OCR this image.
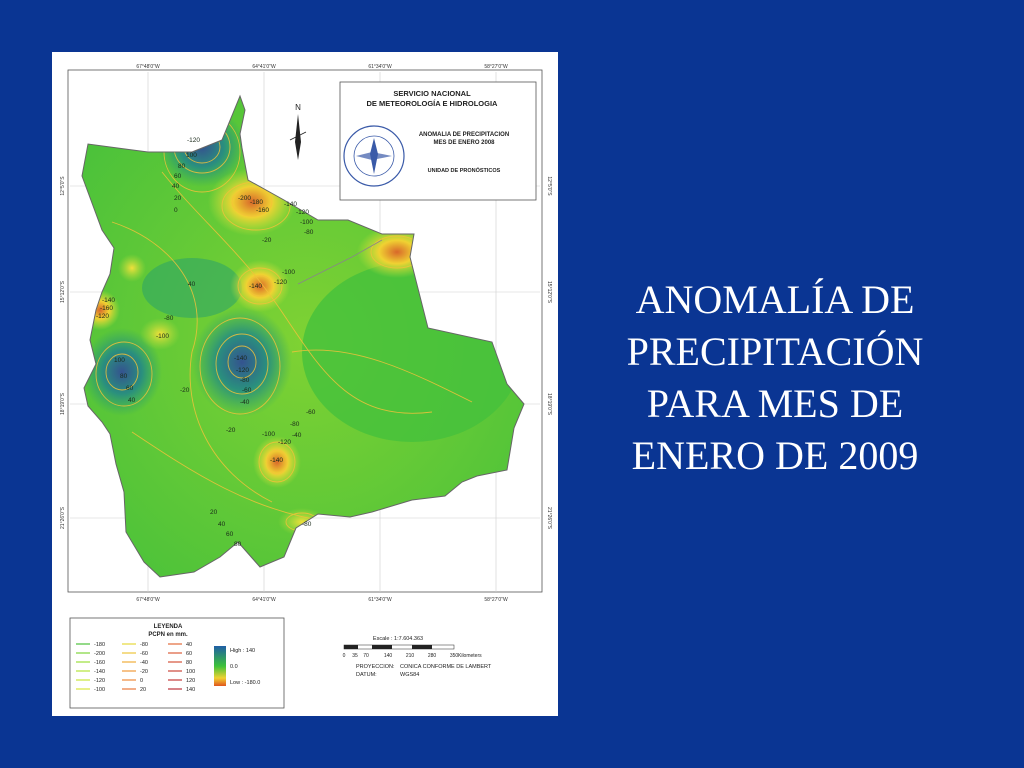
67°48'0"W	64°41'0"W	61°34'0"W	58°27'0"W
67°48'0"W	64°41'0"W	61°34'0"W	58°27'0"W
12°5'0"S
15°12'0"S
18°19'0"S
21°26'0"S
12°5'0"S
15°12'0"S
18°19'0"S
21°26'0"S
-120
100
80
60
40
20
0
-200
-180
-160
-140
-120
-100
-80
-20
-140
-120
-100
40
-140
-160
-120
-100
-80
100
80
60
40
-20
-40
-60
-80
-120
-140
-100
-120
-140
-80
-60
-40
-20
20
40
60
80
-80
SERVICIO NACIONAL
DE METEOROLOGÍA E HIDROLOGIA
ANOMALIA DE PRECIPITACION
MES DE ENERO 2008
UNIDAD DE PRONÓSTICOS
N
LEYENDA
PCPN en mm.
-180
-200
-160
-140
-120
-100
-80
-60
-40
-20
0
20
40
60
80
100
120
140
High : 140
0.0
Low : -180.0
Escale : 1:7.604.363
0 35 70	140	210	280	350 Kilometers
PROYECCION: CONICA CONFORME DE LAMBERT
DATUM:	WGS84
ANOMALÍA DE
PRECIPITACIÓN
PARA MES DE
ENERO DE 2009
